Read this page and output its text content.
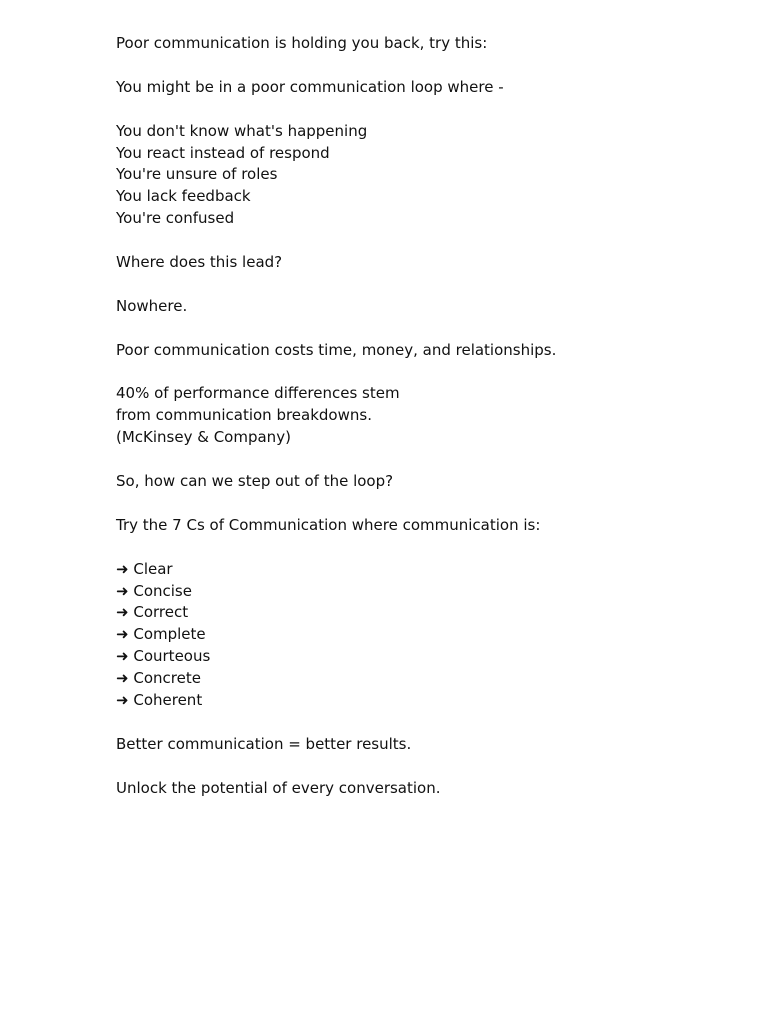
Poor communication is holding you back, try this:
You might be in a poor communication loop where -
You don't know what's happening
You react instead of respond
You're unsure of roles
You lack feedback
You're confused
Where does this lead?
Nowhere.
Poor communication costs time, money, and relationships.
40% of performance differences stem
from communication breakdowns.
(McKinsey & Company)
So, how can we step out of the loop?
Try the 7 Cs of Communication where communication is:
➜ Clear
➜ Concise
➜ Correct
➜ Complete
➜ Courteous
➜ Concrete
➜ Coherent
Better communication = better results.
Unlock the potential of every conversation.
